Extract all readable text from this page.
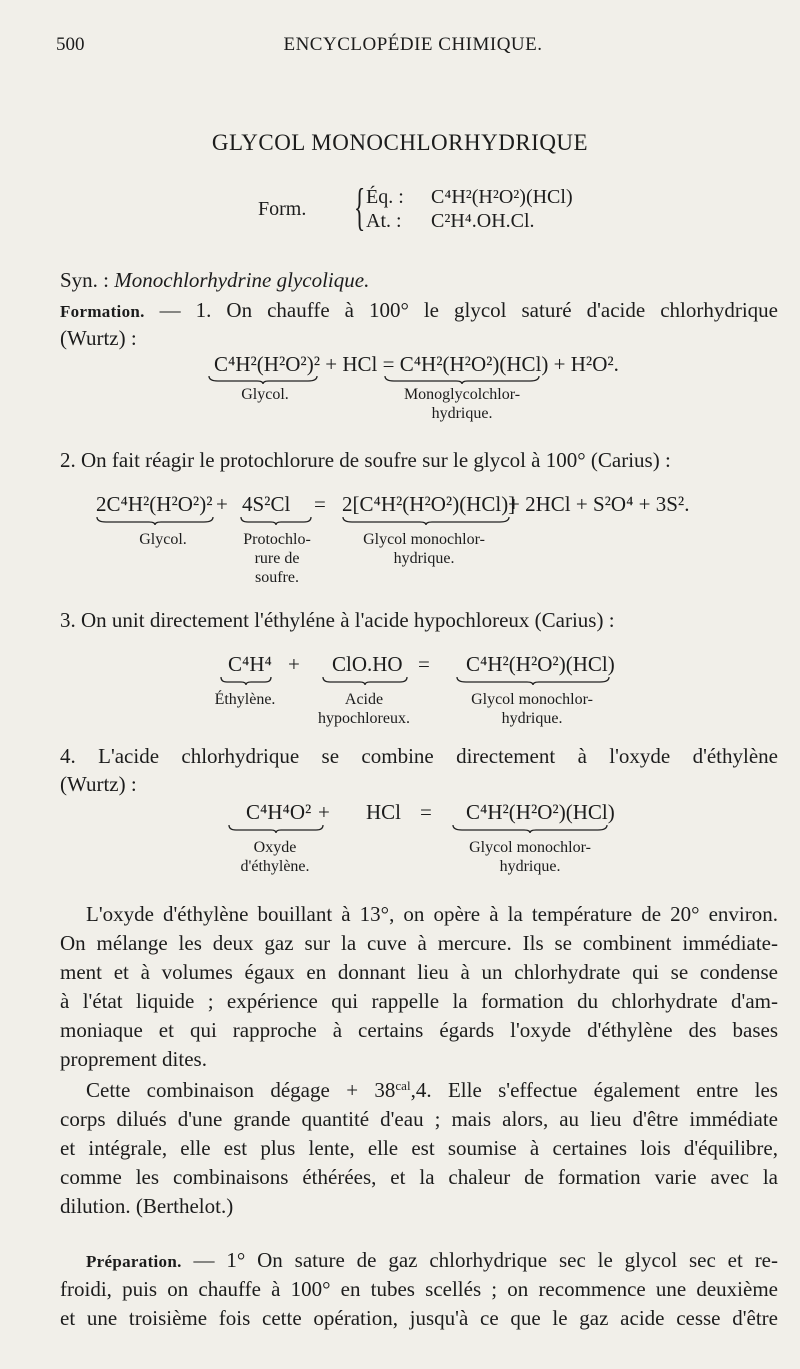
500	ENCYCLOPÉDIE CHIMIQUE.
GLYCOL MONOCHLORHYDRIQUE
Form. { Éq. : C⁴H²(H²O²)(HCl)
At. : C²H⁴.OH.Cl.
Syn. : Monochlorhydrine glycolique.
Formation. — 1. On chauffe à 100° le glycol saturé d'acide chlorhydrique
(Wurtz) :
C⁴H²(H²O²)² + HCl = C⁴H²(H²O²)(HCl) + H²O².
Glycol.	Monoglycolchlor-
hydrique.
2. On fait réagir le protochlorure de soufre sur le glycol à 100° (Carius) :
2C⁴H²(H²O²)² + 4S²Cl = 2[C⁴H²(H²O²)(HCl)]
+ 2HCl + S²O⁴ + 3S².
Glycol.	Protochlo-
rure de
soufre.
Glycol monochlor-
hydrique.
3. On unit directement l'éthyléne à l'acide hypochloreux (Carius) :
C⁴H⁴ + ClO.HO = C⁴H²(H²O²)(HCl)
Éthylène.	Acide
hypochloreux.
Glycol monochlor-
hydrique.
4. L'acide chlorhydrique se combine directement à l'oxyde d'éthylène
(Wurtz) :
C⁴H⁴O² + HCl = C⁴H²(H²O²)(HCl)
Oxyde
d'éthylène.
Glycol monochlor-
hydrique.
L'oxyde d'éthylène bouillant à 13°, on opère à la température de 20° environ.
On mélange les deux gaz sur la cuve à mercure. Ils se combinent immédiate-
ment et à volumes égaux en donnant lieu à un chlorhydrate qui se condense
à l'état liquide ; expérience qui rappelle la formation du chlorhydrate d'am-
moniaque et qui rapproche à certains égards l'oxyde d'éthylène des bases
proprement dites.
Cette combinaison dégage + $38^{cal},4$. Elle s'effectue également entre les
corps dilués d'une grande quantité d'eau ; mais alors, au lieu d'être immédiate
et intégrale, elle est plus lente, elle est soumise à certaines lois d'équilibre,
comme les combinaisons éthérées, et la chaleur de formation varie avec la
dilution. (Berthelot.)
Préparation. — 1° On sature de gaz chlorhydrique sec le glycol sec et re-
froidi, puis on chauffe à 100° en tubes scellés ; on recommence une deuxième
et une troisième fois cette opération, jusqu'à ce que le gaz acide cesse d'être
